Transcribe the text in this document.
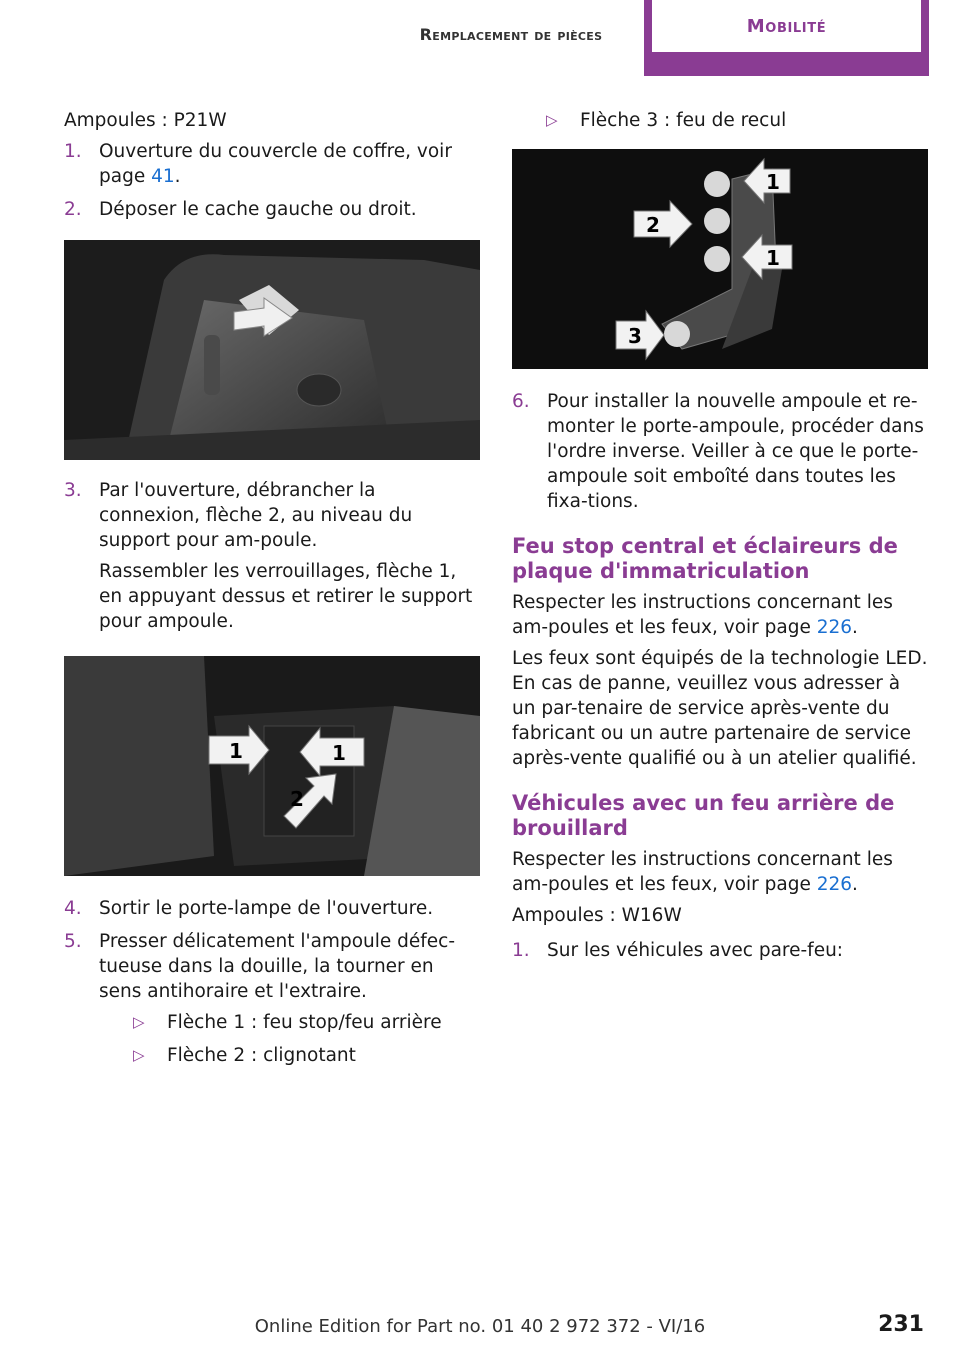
Remplacement de pièces	Mobilité

Ampoules : P21W

1. Ouverture du couvercle de coffre, voir page 41.
2. Déposer le cache gauche ou droit.
3. Par l'ouverture, débrancher la connexion, flèche 2, au niveau du support pour am-poule.

Rassembler les verrouillages, flèche 1, en appuyant dessus et retirer le support pour ampoule.

1	1
2
4. Sortir le porte-lampe de l'ouverture.
5. Presser délicatement l'ampoule défec-tueuse dans la douille, la tourner en sens antihoraire et l'extraire.
▷ Flèche 1 : feu stop/feu arrière
▷ Flèche 2 : clignotant
▷ Flèche 3 : feu de recul
1
2
1
3
6. Pour installer la nouvelle ampoule et re-monter le porte-ampoule, procéder dans l'ordre inverse. Veiller à ce que le porte-ampoule soit emboîté dans toutes les fixa-tions.
Feu stop central et éclaireurs de plaque d'immatriculation

Respecter les instructions concernant les am-poules et les feux, voir page 226.

Les feux sont équipés de la technologie LED. En cas de panne, veuillez vous adresser à un par-tenaire de service après-vente du fabricant ou un autre partenaire de service après-vente qualifié ou à un atelier qualifié.

Véhicules avec un feu arrière de brouillard

Respecter les instructions concernant les am-poules et les feux, voir page 226.

Ampoules : W16W

1. Sur les véhicules avec pare-feu:
Online Edition for Part no. 01 40 2 972 372 - VI/16	231
